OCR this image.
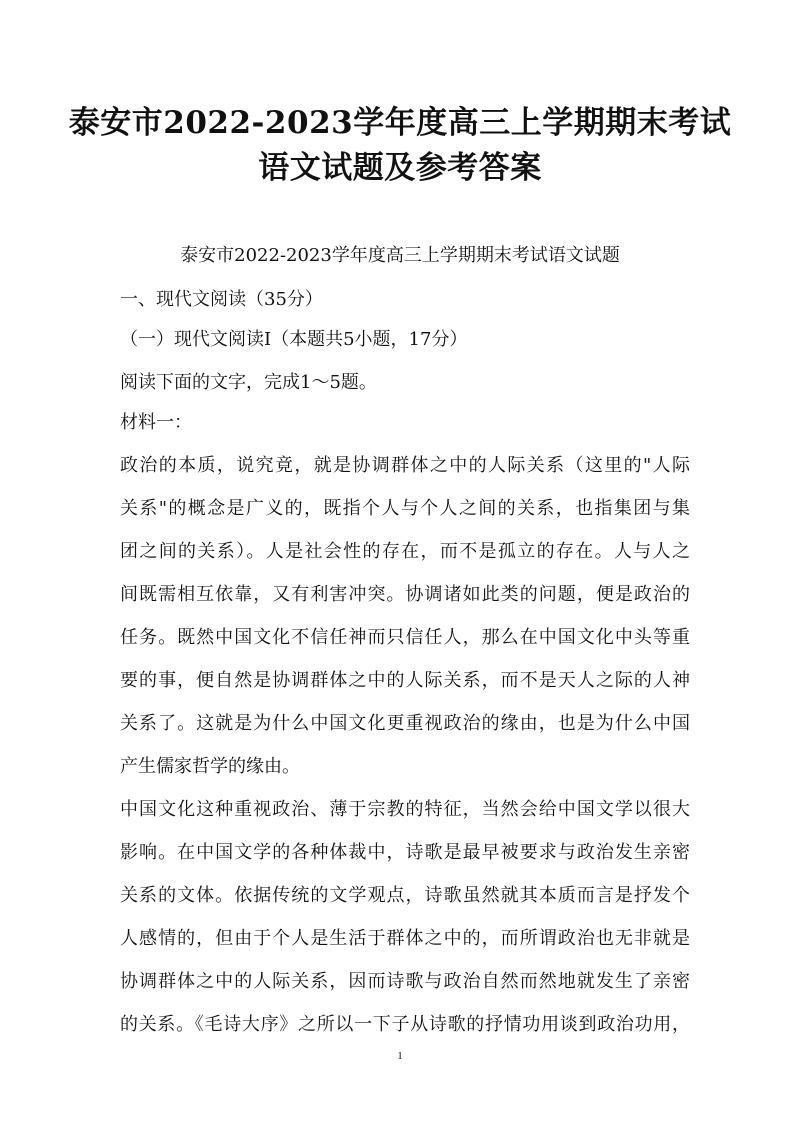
泰安市2022-2023学年度高三上学期期末考试
语文试题及参考答案
泰安市2022-2023学年度高三上学期期末考试语文试题
一、现代文阅读（35分）
（一）现代文阅读Ⅰ（本题共5小题，17分）
阅读下面的文字，完成1～5题。
材料一：
政治的本质，说究竟，就是协调群体之中的人际关系（这里的"人际
关系"的概念是广义的，既指个人与个人之间的关系，也指集团与集
团之间的关系）。人是社会性的存在，而不是孤立的存在。人与人之
间既需相互依靠，又有利害冲突。协调诸如此类的问题，便是政治的
任务。既然中国文化不信任神而只信任人，那么在中国文化中头等重
要的事，便自然是协调群体之中的人际关系，而不是天人之际的人神
关系了。这就是为什么中国文化更重视政治的缘由，也是为什么中国
产生儒家哲学的缘由。
中国文化这种重视政治、薄于宗教的特征，当然会给中国文学以很大
影响。在中国文学的各种体裁中，诗歌是最早被要求与政治发生亲密
关系的文体。依据传统的文学观点，诗歌虽然就其本质而言是抒发个
人感情的，但由于个人是生活于群体之中的，而所谓政治也无非就是
协调群体之中的人际关系，因而诗歌与政治自然而然地就发生了亲密
的关系。《毛诗大序》之所以一下子从诗歌的抒情功用谈到政治功用，
1
